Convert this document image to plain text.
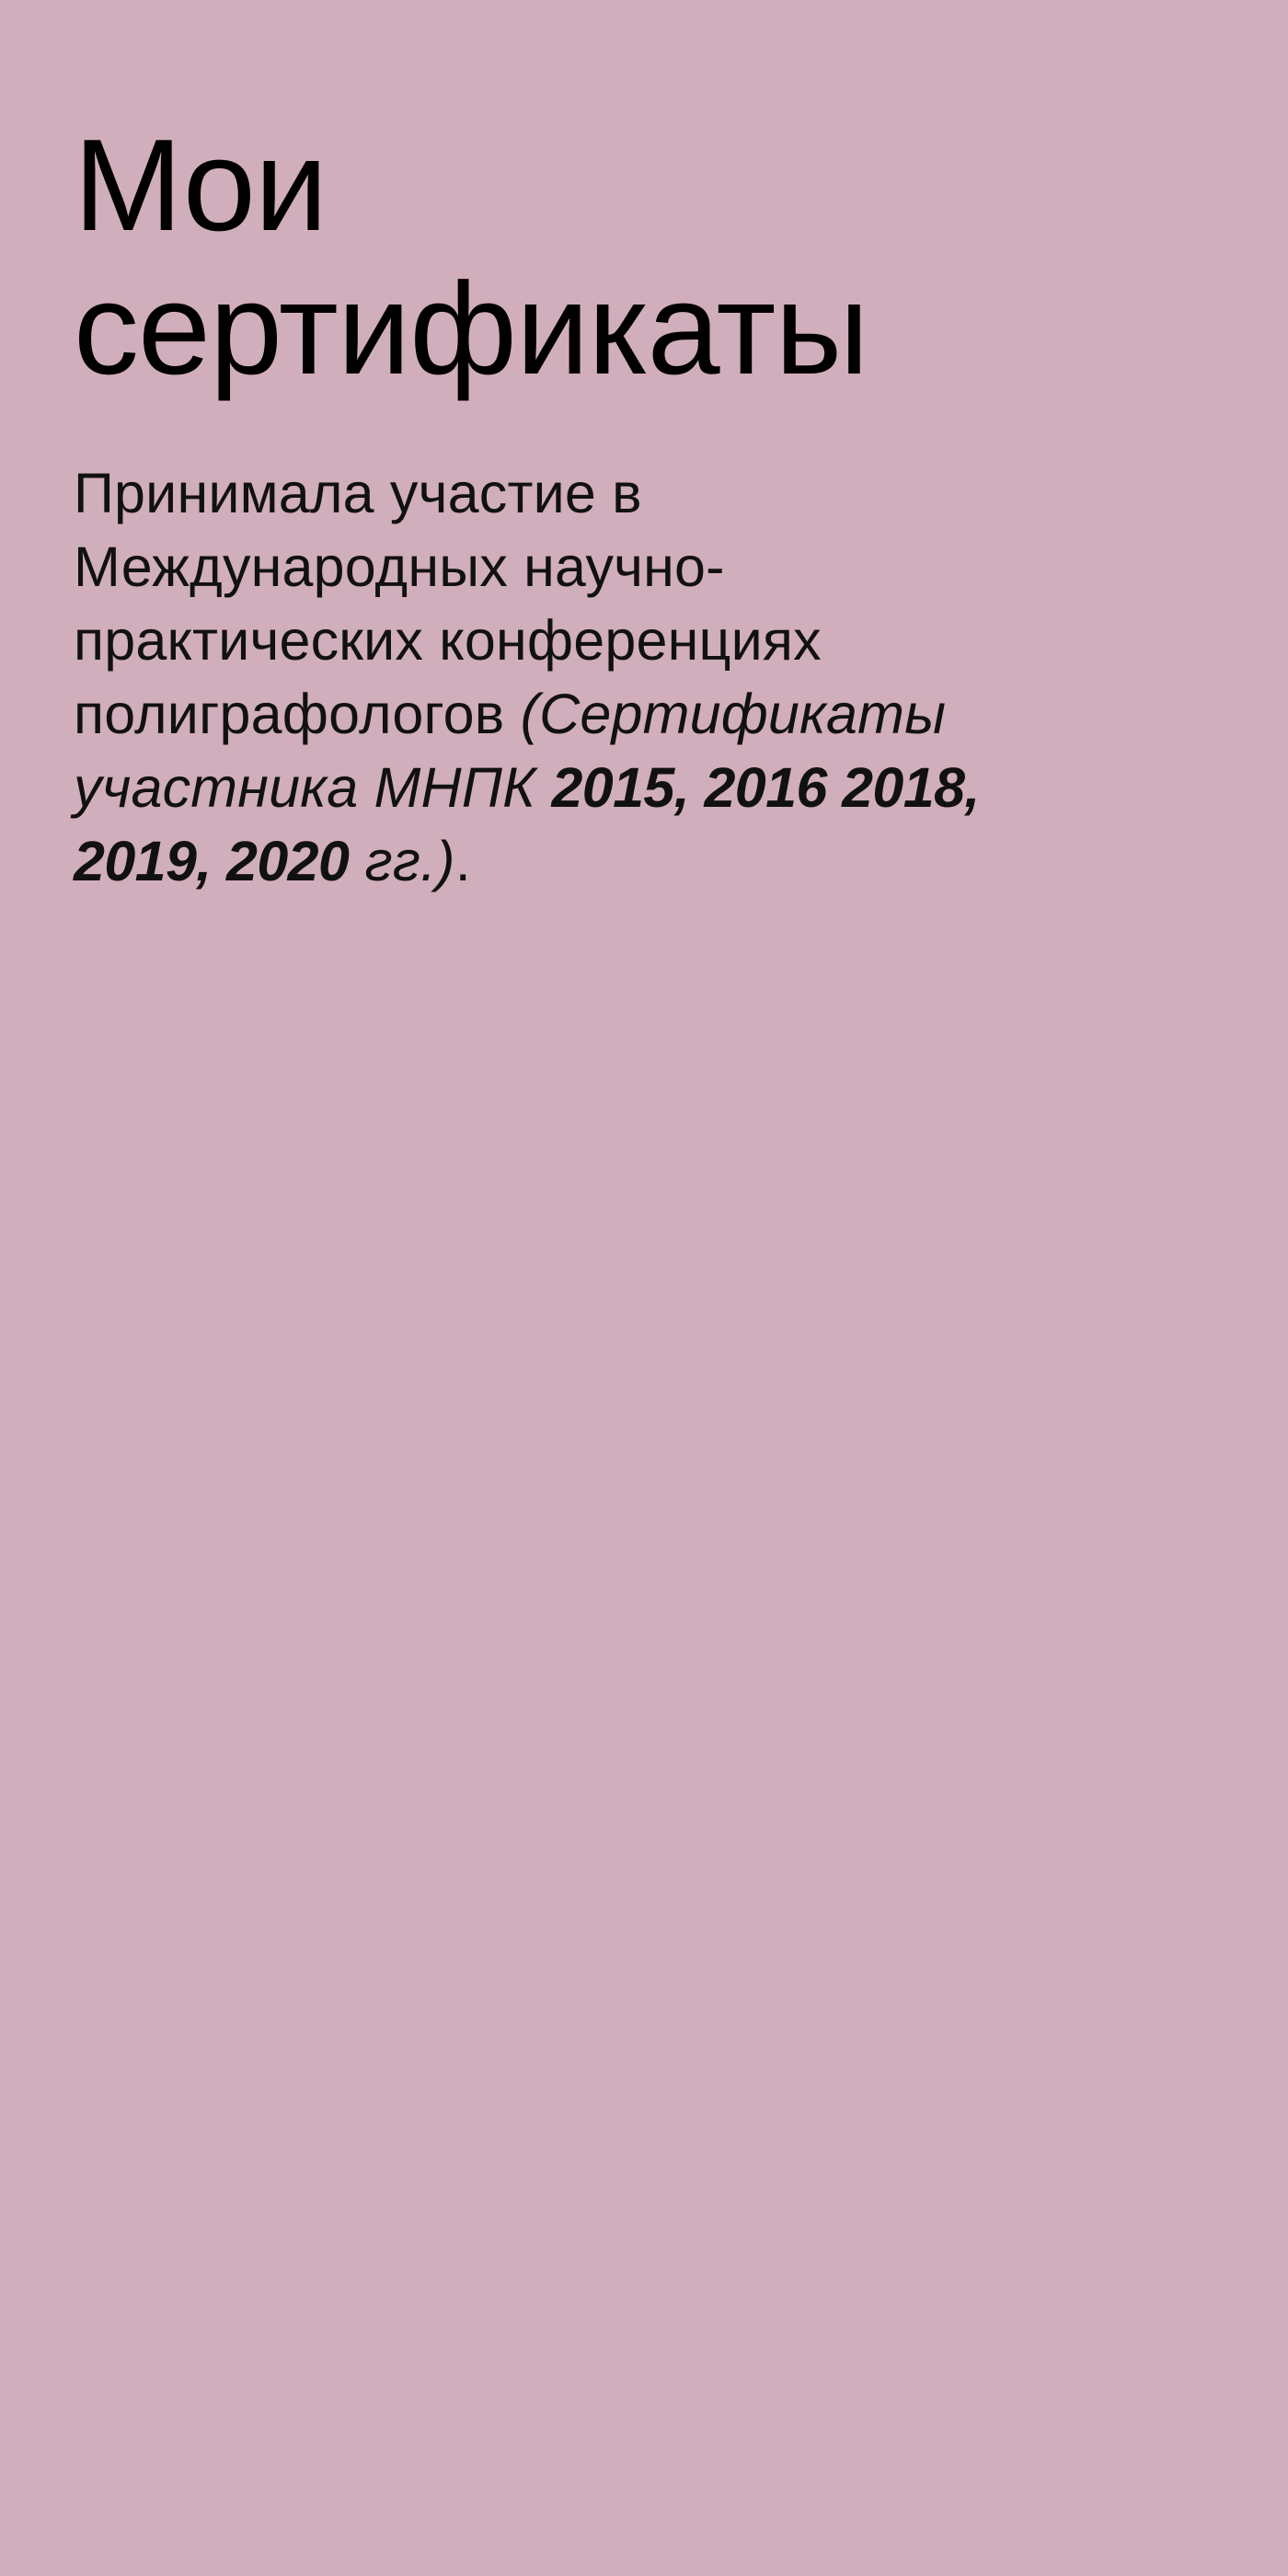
Мои
сертификаты
Принимала участие в
Международных научно-
практических конференциях
полиграфологов (Сертификаты
участника МНПК 2015, 2016 2018,
2019, 2020 гг.).
